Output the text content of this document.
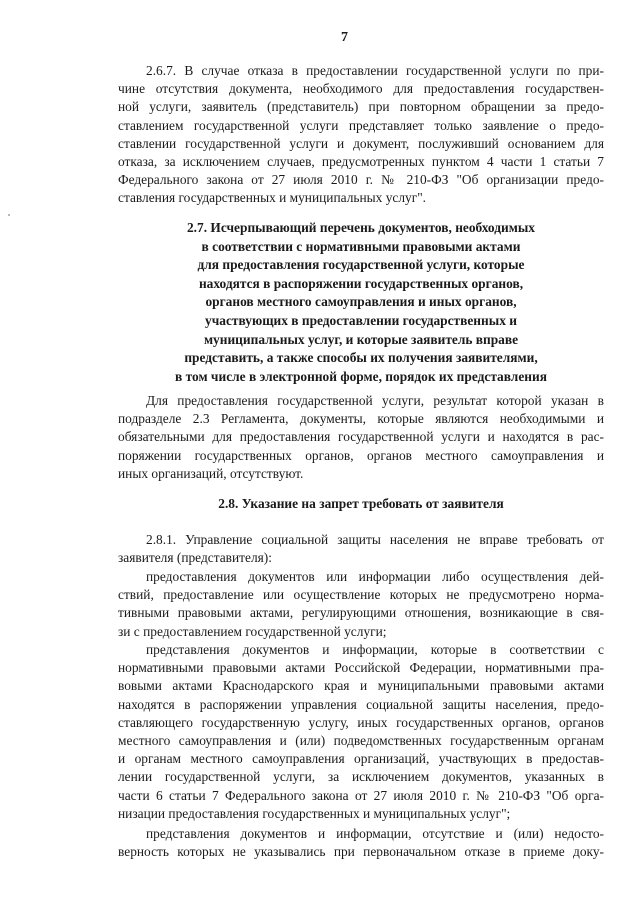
7
2.6.7. В случае отказа в предоставлении государственной услуги по при-
чине отсутствия документа, необходимого для предоставления государствен-
ной услуги, заявитель (представитель) при повторном обращении за предо-
ставлением государственной услуги представляет только заявление о предо-
ставлении государственной услуги и документ, послуживший основанием для
отказа, за исключением случаев, предусмотренных пунктом 4 части 1 статьи 7
Федерального закона от 27 июля 2010 г. № 210-ФЗ "Об организации предо-
ставления государственных и муниципальных услуг".
2.7. Исчерпывающий перечень документов, необходимых
в соответствии с нормативными правовыми актами
для предоставления государственной услуги, которые
находятся в распоряжении государственных органов,
органов местного самоуправления и иных органов,
участвующих в предоставлении государственных и
муниципальных услуг, и которые заявитель вправе
представить, а также способы их получения заявителями,
в том числе в электронной форме, порядок их представления
Для предоставления государственной услуги, результат которой указан в
подразделе 2.3 Регламента, документы, которые являются необходимыми и
обязательными для предоставления государственной услуги и находятся в рас-
поряжении государственных органов, органов местного самоуправления и
иных организаций, отсутствуют.
2.8. Указание на запрет требовать от заявителя
2.8.1. Управление социальной защиты населения не вправе требовать от
заявителя (представителя):
предоставления документов или информации либо осуществления дей-
ствий, предоставление или осуществление которых не предусмотрено норма-
тивными правовыми актами, регулирующими отношения, возникающие в свя-
зи с предоставлением государственной услуги;
представления документов и информации, которые в соответствии с
нормативными правовыми актами Российской Федерации, нормативными пра-
вовыми актами Краснодарского края и муниципальными правовыми актами
находятся в распоряжении управления социальной защиты населения, предо-
ставляющего государственную услугу, иных государственных органов, органов
местного самоуправления и (или) подведомственных государственным органам
и органам местного самоуправления организаций, участвующих в предостав-
лении государственной услуги, за исключением документов, указанных в
части 6 статьи 7 Федерального закона от 27 июля 2010 г. № 210-ФЗ "Об орга-
низации предоставления государственных и муниципальных услуг";
представления документов и информации, отсутствие и (или) недосто-
верность которых не указывались при первоначальном отказе в приеме доку-
